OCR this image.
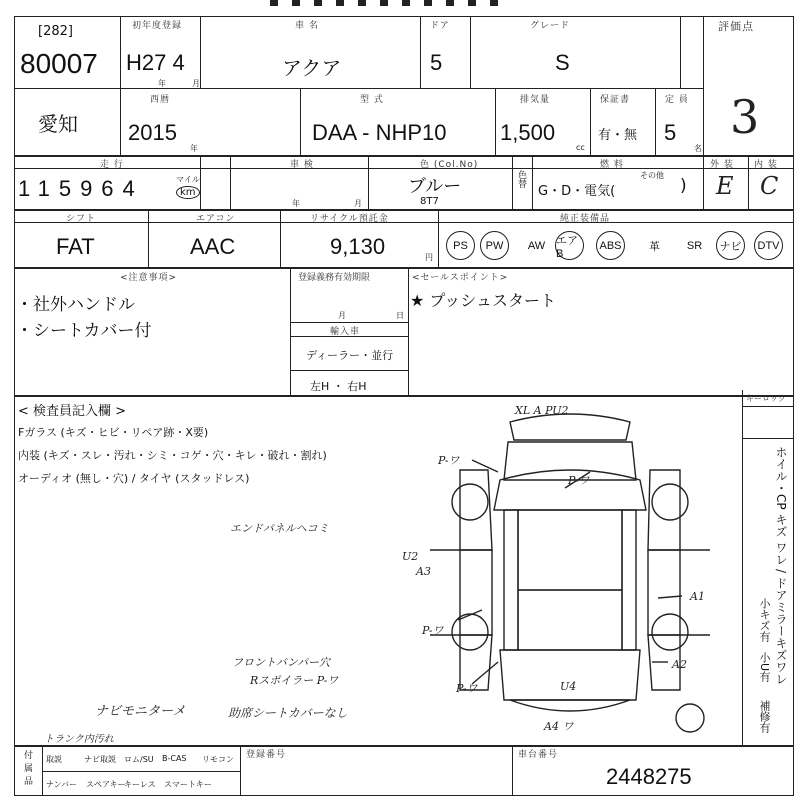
[282]
80007
初年度登録
H27 4
年	月
車 名
アクア
ドア
5
グレード
S
評価点
3
愛知
西暦
2015
年
型 式
DAA - NHP10
排気量
1,500
cc
保証書
有・無
定 員
5
名
走 行
115964	マイル
km
車 検
年	月
色 (Col.No)
ブルー
8T7
色替
燃 料
G・D・電気(	)
その他
外 装
E
内 装
C
シフト
FAT
エアコン
AAC
リサイクル預託金
9,130	円
純正装備品
PS	PW	AW エアB
ABS	革	SR	ナビ	DTV
<注意事項>
・社外ハンドル
・シートカバー付
登録義務有効期限
月	日
輸入車
ディーラー・並行
左H ・ 右H
<セールスポイント>
★ プッシュスタート
< 検査員記入欄 >
Fガラス (キズ・ヒビ・リペア跡・X要)
内装 (キズ・スレ・汚れ・シミ・コゲ・穴・キレ・破れ・割れ)
オーディオ (無し・穴) / タイヤ (スタッドレス)
エンドパネルヘコミ
フロントバンパー穴
Rスポイラー P-ワ
ナビモニターメ	助席シートカバーなし
トランク内汚れ
XL A PU2
P-ワ
P-ワ
U2
A3
A1
P-ワ
A2
P-ワ	U4
A4 ワ
キーロック
ホイル・CP キズ ワレ / ドアミラーキズワレ
小キズ有
小U有
補修有
付属品 取説	ナビ取説 ロム/SU B-CAS リモコン
ナンバー スペアキー
キーレス スマートキー
登録番号	車台番号
2448275
